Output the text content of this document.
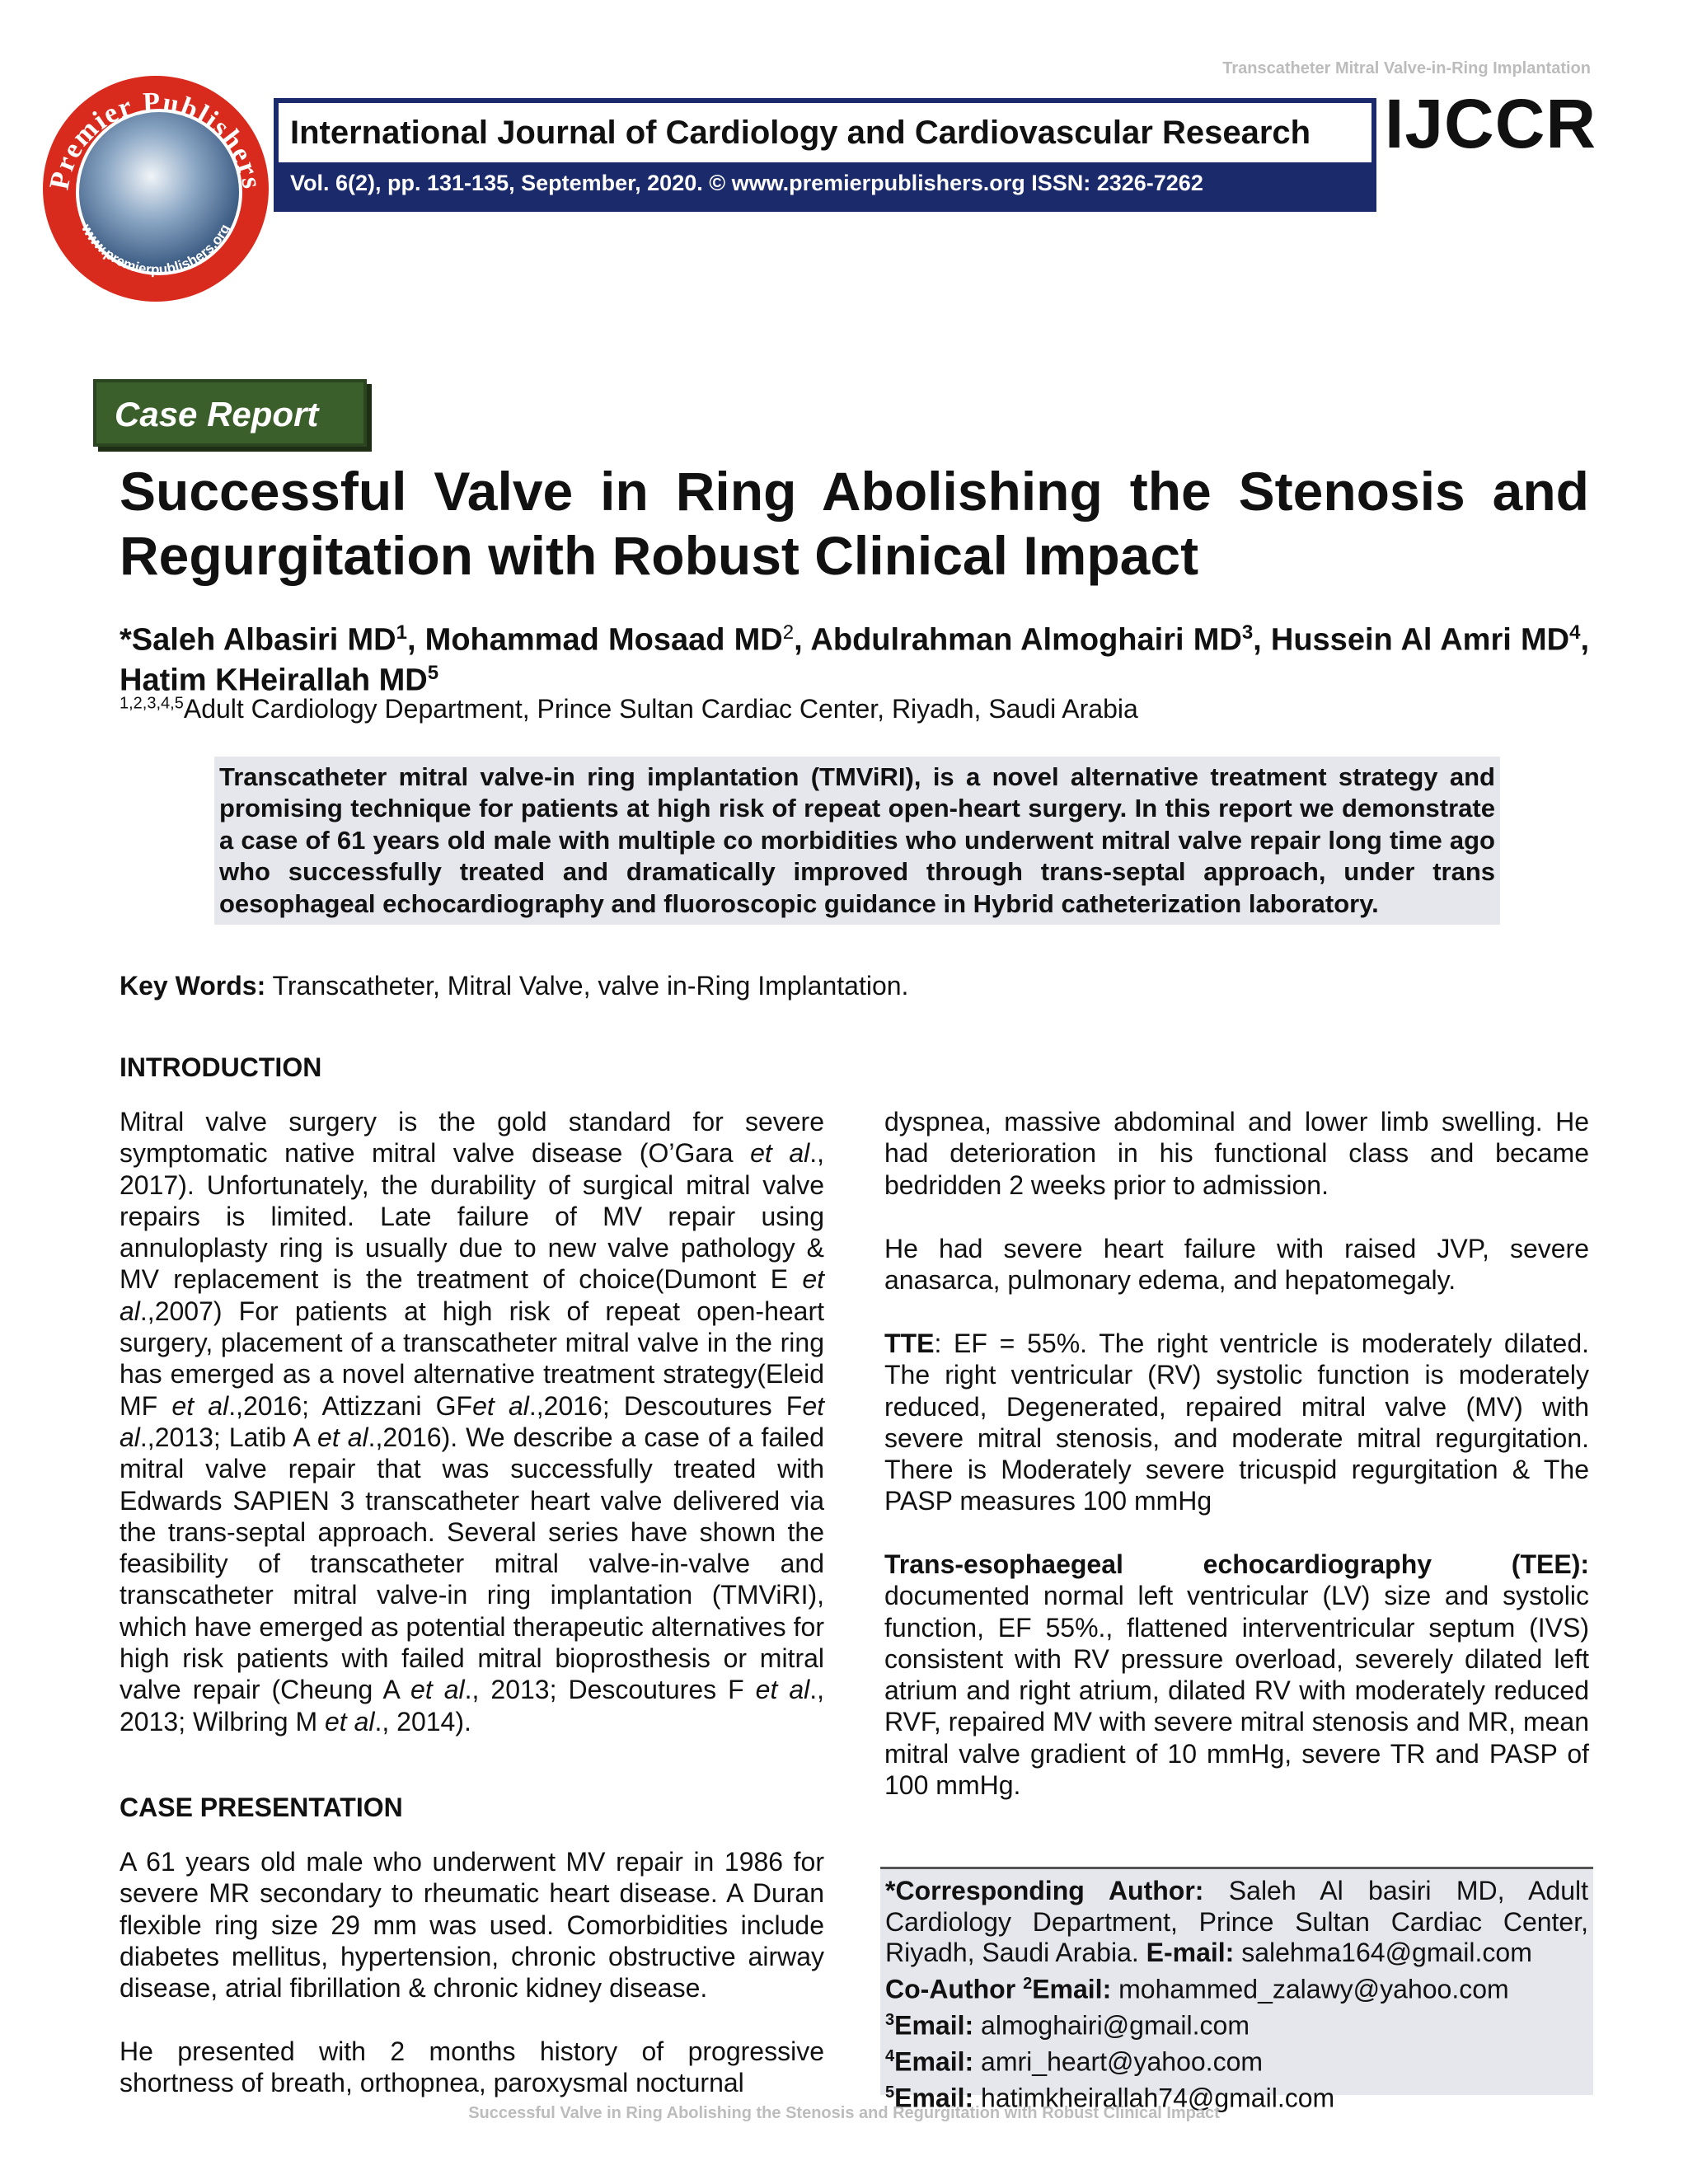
Transcatheter Mitral Valve-in-Ring Implantation
Premier Publishers
www.premierpublishers.org
International Journal of Cardiology and Cardiovascular Research
Vol. 6(2), pp. 131-135, September, 2020. © www.premierpublishers.org ISSN: 2326-7262
IJCCR
Case Report
Successful Valve in Ring Abolishing the Stenosis and Regurgitation with Robust Clinical Impact
*Saleh Albasiri $MD^1$, Mohammad Mosaad $MD^2$, Abdulrahman Almoghairi $MD^3$, Hussein Al Amri $MD^4$, Hatim KHeirallah $MD^5$
$^{1,2,3,4,5}$Adult Cardiology Department, Prince Sultan Cardiac Center, Riyadh, Saudi Arabia
Transcatheter mitral valve-in ring implantation (TMViRI), is a novel alternative treatment strategy and promising technique for patients at high risk of repeat open-heart surgery. In this report we demonstrate a case of 61 years old male with multiple co morbidities who underwent mitral valve repair long time ago who successfully treated and dramatically improved through trans-septal approach, under trans oesophageal echocardiography and fluoroscopic guidance in Hybrid catheterization laboratory.
Key Words: Transcatheter, Mitral Valve, valve in-Ring Implantation.
INTRODUCTION

Mitral valve surgery is the gold standard for severe symptomatic native mitral valve disease (O’Gara et al., 2017). Unfortunately, the durability of surgical mitral valve repairs is limited. Late failure of MV repair using annuloplasty ring is usually due to new valve pathology & MV replacement is the treatment of choice(Dumont E et al.,2007) For patients at high risk of repeat open-heart surgery, placement of a transcatheter mitral valve in the ring has emerged as a novel alternative treatment strategy(Eleid MF et al.,2016; Attizzani GFet al.,2016; Descoutures Fet al.,2013; Latib A et al.,2016). We describe a case of a failed mitral valve repair that was successfully treated with Edwards SAPIEN 3 transcatheter heart valve delivered via the trans-septal approach. Several series have shown the feasibility of transcatheter mitral valve-in-valve and transcatheter mitral valve-in ring implantation (TMViRI), which have emerged as potential therapeutic alternatives for high risk patients with failed mitral bioprosthesis or mitral valve repair (Cheung A et al., 2013; Descoutures F et al., 2013; Wilbring M et al., 2014).

CASE PRESENTATION
A 61 years old male who underwent MV repair in 1986 for severe MR secondary to rheumatic heart disease. A Duran flexible ring size 29 mm was used. Comorbidities include diabetes mellitus, hypertension, chronic obstructive airway disease, atrial fibrillation & chronic kidney disease.
He presented with 2 months history of progressive shortness of breath, orthopnea, paroxysmal nocturnal
dyspnea, massive abdominal and lower limb swelling. He had deterioration in his functional class and became bedridden 2 weeks prior to admission.
He had severe heart failure with raised JVP, severe anasarca, pulmonary edema, and hepatomegaly.

TTE: EF = 55%. The right ventricle is moderately dilated. The right ventricular (RV) systolic function is moderately reduced, Degenerated, repaired mitral valve (MV) with severe mitral stenosis, and moderate mitral regurgitation. There is Moderately severe tricuspid regurgitation & The PASP measures 100 mmHg

Trans-esophaegeal echocardiography (TEE): documented normal left ventricular (LV) size and systolic function, EF 55%., flattened interventricular septum (IVS) consistent with RV pressure overload, severely dilated left atrium and right atrium, dilated RV with moderately reduced RVF, repaired MV with severe mitral stenosis and MR, mean mitral valve gradient of 10 mmHg, severe TR and PASP of 100 mmHg.

*Corresponding Author: Saleh Al basiri MD, Adult Cardiology Department, Prince Sultan Cardiac Center, Riyadh, Saudi Arabia. E-mail: salehma164@gmail.com
Co-Author $^2$Email: mohammed_zalawy@yahoo.com
$^3$Email: almoghairi@gmail.com
$^4$Email: amri_heart@yahoo.com
$^5$Email: hatimkheirallah74@gmail.com
Successful Valve in Ring Abolishing the Stenosis and Regurgitation with Robust Clinical Impact
